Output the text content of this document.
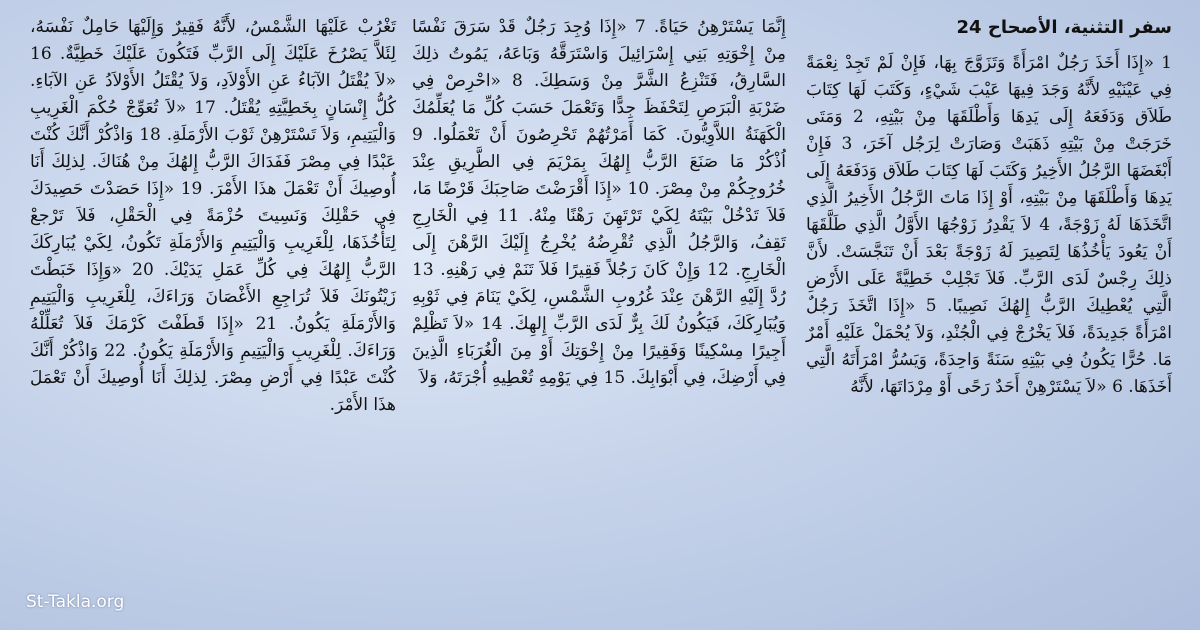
سفر التثنية، الأصحاح 24

1 «إِذَا أَخَذَ رَجُلٌ امْرَأَةً وَتَزَوَّجَ بِهَا، فَإِنْ لَمْ تَجِدْ نِعْمَةً فِي عَيْنَيْهِ لأَنَّهُ وَجَدَ فِيهَا عَيْبَ شَيْءٍ، وَكَتَبَ لَهَا كِتَابَ طَلاَق وَدَفَعَهُ إِلَى يَدِهَا وَأَطْلَقَهَا مِنْ بَيْتِهِ، 2 وَمَتَى خَرَجَتْ مِنْ بَيْتِهِ ذَهَبَتْ وَصَارَتْ لِرَجُل آخَرَ، 3 فَإِنْ أَبْغَضَهَا الرَّجُلُ الأَخِيرُ وَكَتَبَ لَهَا كِتَابَ طَلاَق وَدَفَعَهُ إِلَى يَدِهَا وَأَطْلَقَهَا مِنْ بَيْتِهِ، أَوْ إِذَا مَاتَ الرَّجُلُ الأَخِيرُ الَّذِي اتَّخَذَهَا لَهُ زَوْجَةً، 4 لاَ يَقْدِرُ زَوْجُهَا الأَوَّلُ الَّذِي طَلَّقَهَا أَنْ يَعُودَ يَأْخُذُهَا لِتَصِيرَ لَهُ زَوْجَةً بَعْدَ أَنْ تَنَجَّسَتْ. لأَنَّ ذلِكَ رِجْسٌ لَدَى الرَّبِّ. فَلاَ تَجْلِبْ خَطِيَّةً عَلَى الأَرْضِ الَّتِي يُعْطِيكَ الرَّبُّ إِلهُكَ نَصِيبًا. 5 «إِذَا اتَّخَذَ رَجُلٌ امْرَأَةً جَدِيدَةً، فَلاَ يَخْرُجْ فِي الْجُنْدِ، وَلاَ يُحْمَلْ عَلَيْهِ أَمْرٌ مَا. حُرًّا يَكُونُ فِي بَيْتِهِ سَنَةً وَاحِدَةً، وَيَسُرُّ امْرَأَتَهُ الَّتِي أَخَذَهَا. 6 «لاَ يَسْتَرْهِنْ أَحَدٌ رَحًى أَوْ مِرْدَاتَهَا، لأَنَّهُ

إِنَّمَا يَسْتَرْهِنُ حَيَاةً. 7 «إِذَا وُجِدَ رَجُلٌ قَدْ سَرَقَ نَفْسًا مِنْ إِخْوَتِهِ بَنِي إِسْرَائِيلَ وَاسْتَرَقَّهُ وَبَاعَهُ، يَمُوتُ ذلِكَ السَّارِقُ، فَتَنْزِعُ الشَّرَّ مِنْ وَسَطِكَ. 8 «احْرِصْ فِي ضَرْبَةِ الْبَرَصِ لِتَحْفَظَ جِدًّا وَتَعْمَلَ حَسَبَ كُلِّ مَا يُعَلِّمُكَ الْكَهَنَةُ اللاَّوِيُّونَ. كَمَا أَمَرْتُهُمْ تَحْرِصُونَ أَنْ تَعْمَلُوا. 9 اُذْكُرْ مَا صَنَعَ الرَّبُّ إِلهُكَ بِمَرْيَمَ فِي الطَّرِيقِ عِنْدَ خُرُوجِكُمْ مِنْ مِصْرَ. 10 «إِذَا أَقْرَضْتَ صَاحِبَكَ قَرْضًا مَا، فَلاَ تَدْخُلْ بَيْتَهُ لِكَيْ تَرْتَهِنَ رَهْنًا مِنْهُ. 11 فِي الْخَارِجِ تَقِفُ، وَالرَّجُلُ الَّذِي تُقْرِضُهُ يُخْرِجُ إِلَيْكَ الرَّهْنَ إِلَى الْخَارِجِ. 12 وَإِنْ كَانَ رَجُلاً فَقِيرًا فَلاَ تَنَمْ فِي رَهْنِهِ. 13 رُدَّ إِلَيْهِ الرَّهْنَ عِنْدَ غُرُوبِ الشَّمْسِ، لِكَيْ يَنَامَ فِي ثَوْبِهِ وَيُبَارِكَكَ، فَيَكُونُ لَكَ بِرٌّ لَدَى الرَّبِّ إِلهِكَ. 14 «لاَ تَظْلِمْ أَجِيرًا مِسْكِينًا وَفَقِيرًا مِنْ إِخْوَتِكَ أَوْ مِنَ الْغُرَبَاءِ الَّذِينَ فِي أَرْضِكَ، فِي أَبْوَابِكَ. 15 فِي يَوْمِهِ تُعْطِيهِ أُجْرَتَهُ، وَلاَ

تَغْرُبْ عَلَيْهَا الشَّمْسُ، لأَنَّهُ فَقِيرٌ وَإِلَيْهَا حَامِلٌ نَفْسَهُ، لِئَلاَّ يَصْرُخَ عَلَيْكَ إِلَى الرَّبِّ فَتَكُونَ عَلَيْكَ خَطِيَّةٌ. 16 «لاَ يُقْتَلُ الآبَاءُ عَنِ الأَوْلاَدِ، وَلاَ يُقْتَلُ الأَوْلاَدُ عَنِ الآبَاءِ. كُلُّ إِنْسَانٍ بِخَطِيَّتِهِ يُقْتَلُ. 17 «لاَ تُعَوِّجْ حُكْمَ الْغَرِيبِ وَالْيَتِيمِ، وَلاَ تَسْتَرْهِنْ ثَوْبَ الأَرْمَلَةِ. 18 وَاذْكُرْ أَنَّكَ كُنْتَ عَبْدًا فِي مِصْرَ فَفَدَاكَ الرَّبُّ إِلهُكَ مِنْ هُنَاكَ. لِذلِكَ أَنَا أُوصِيكَ أَنْ تَعْمَلَ هذَا الأَمْرَ. 19 «إِذَا حَصَدْتَ حَصِيدَكَ فِي حَقْلِكَ وَنَسِيتَ حُزْمَةً فِي الْحَقْلِ، فَلاَ تَرْجعْ لِتَأْخُذَهَا، لِلْغَرِيبِ وَالْيَتِيمِ وَالأَرْمَلَةِ تَكُونُ، لِكَيْ يُبَارِكَكَ الرَّبُّ إِلهُكَ فِي كُلِّ عَمَلِ يَدَيْكَ. 20 «وَإِذَا خَبَطْتَ زَيْتُونَكَ فَلاَ تُرَاجِعِ الأَغْصَانَ وَرَاءَكَ، لِلْغَرِيبِ وَالْيَتِيمِ وَالأَرْمَلَةِ يَكُونُ. 21 «إِذَا قَطَفْتَ كَرْمَكَ فَلاَ تُعَلِّلْهُ وَرَاءَكَ. لِلْغَرِيبِ وَالْيَتِيمِ وَالأَرْمَلَةِ يَكُونُ. 22 وَاذْكُرْ أَنَّكَ كُنْتَ عَبْدًا فِي أَرْضِ مِصْرَ. لِذلِكَ أَنَا أُوصِيكَ أَنْ تَعْمَلَ هذَا الأَمْرَ.

St-Takla.org
